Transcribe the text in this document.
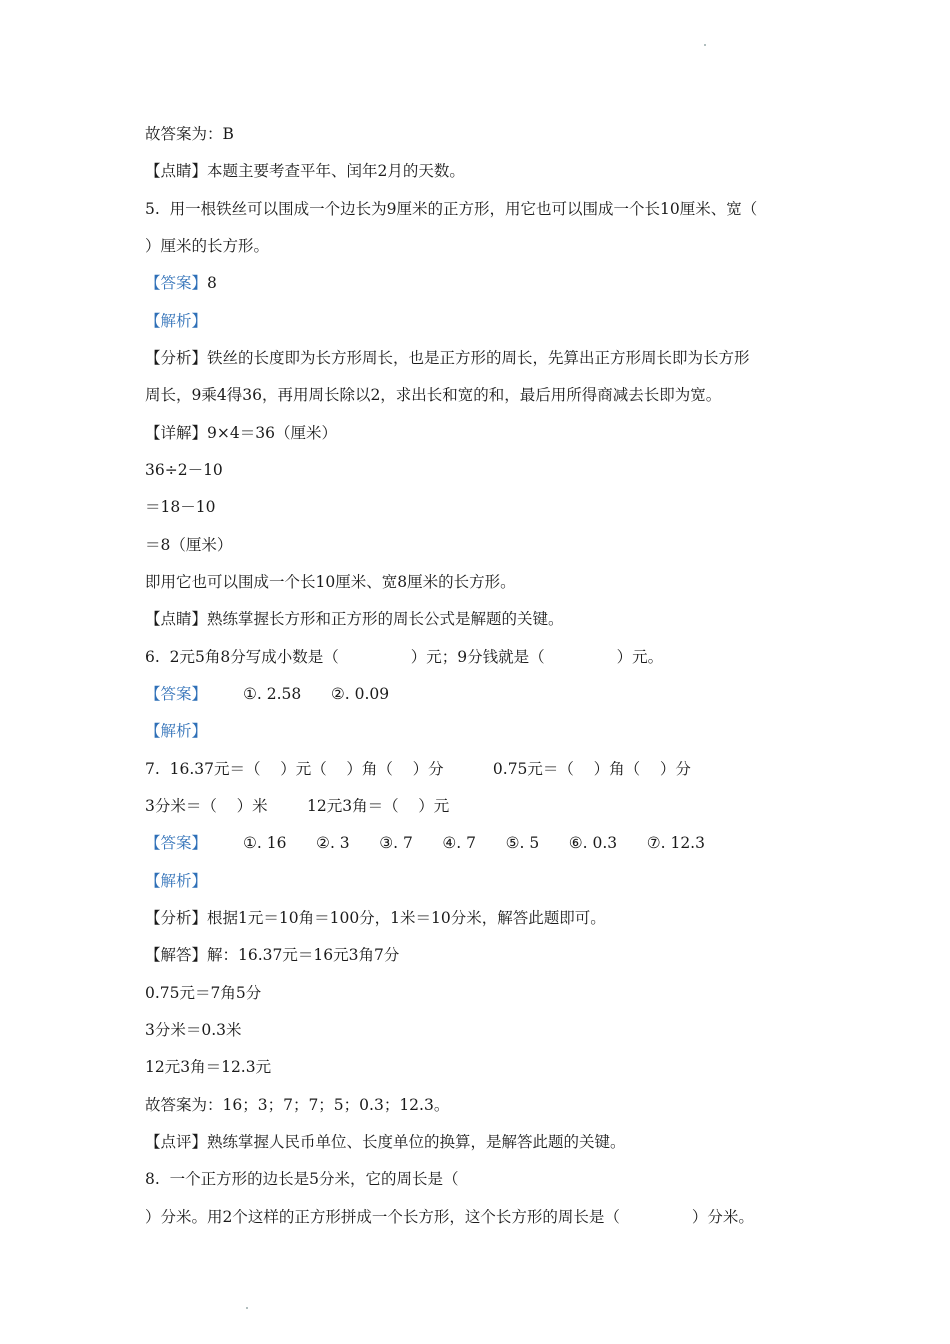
故答案为：B
【点睛】本题主要考查平年、闰年2月的天数。
5.  用一根铁丝可以围成一个边长为9厘米的正方形，用它也可以围成一个长10厘米、宽（
）厘米的长方形。
【答案】8
【解析】
【分析】铁丝的长度即为长方形周长，也是正方形的周长，先算出正方形周长即为长方形
周长，9乘4得36，再用周长除以2，求出长和宽的和，最后用所得商减去长即为宽。
【详解】9×4＝36（厘米）
36÷2－10
＝18－10
＝8（厘米）
即用它也可以围成一个长10厘米、宽8厘米的长方形。
【点睛】熟练掌握长方形和正方形的周长公式是解题的关键。
6.  2元5角8分写成小数是（	）元；9分钱就是（	）元。
【答案】 ①. 2.58      ②. 0.09
【解析】
7.  16.37元＝（    ）元（    ）角（    ）分          0.75元＝（    ）角（    ）分
3分米＝（    ）米        12元3角＝（    ）元
【答案】 ①. 16      ②. 3      ③. 7      ④. 7      ⑤. 5      ⑥. 0.3      ⑦. 12.3
【解析】
【分析】根据1元＝10角＝100分，1米＝10分米，解答此题即可。
【解答】解：16.37元＝16元3角7分
0.75元＝7角5分
3分米＝0.3米
12元3角＝12.3元
故答案为：16；3；7；7；5；0.3；12.3。
【点评】熟练掌握人民币单位、长度单位的换算，是解答此题的关键。
8.  一个正方形的边长是5分米，它的周长是（
）分米。用2个这样的正方形拼成一个长方形，这个长方形的周长是（	）分米。
